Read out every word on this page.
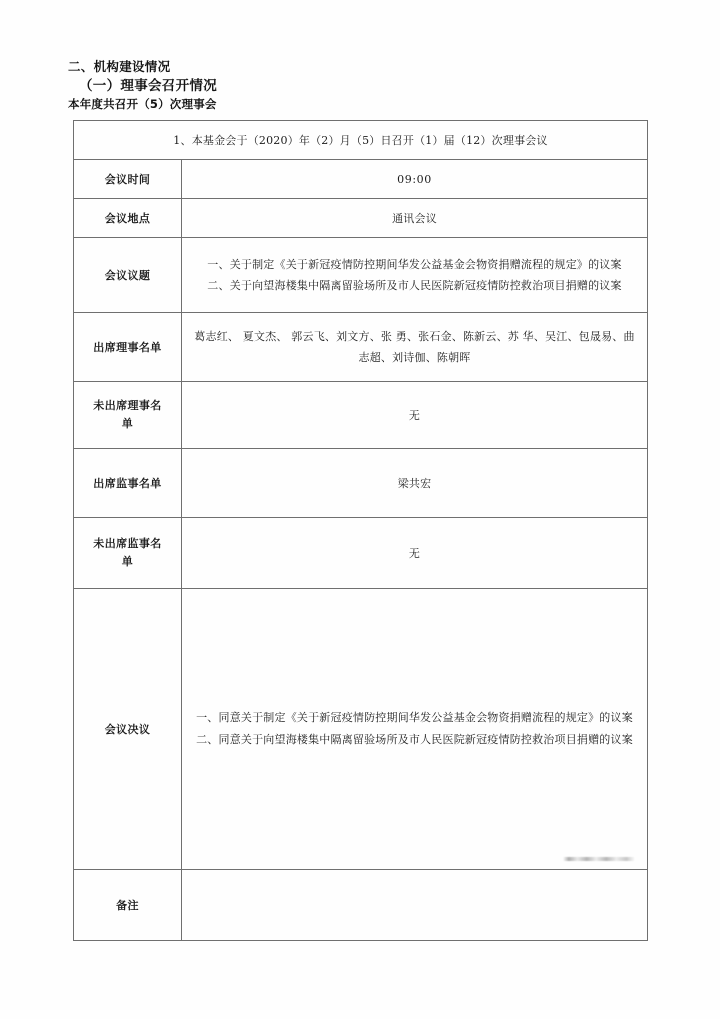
二、机构建设情况
（一）理事会召开情况
本年度共召开（5）次理事会
1、本基金会于（2020）年（2）月（5）日召开（1）届（12）次理事会议	
会议时间	09:00
会议地点	通讯会议
会议议题	一、关于制定《关于新冠疫情防控期间华发公益基金会物资捐赠流程的规定》的议案 二、关于向望海楼集中隔离留验场所及市人民医院新冠疫情防控救治项目捐赠的议案
出席理事名单	葛志红、 夏文杰、 郭云飞、刘文方、张 勇、张石金、陈新云、苏 华、吴江、包晟易、曲志超、刘诗伽、陈朝晖

未出席理事名
单	无
出席监事名单	梁共宏

未出席监事名
单	无
会议决议	一、同意关于制定《关于新冠疫情防控期间华发公益基金会物资捐赠流程的规定》的议案 二、同意关于向望海楼集中隔离留验场所及市人民医院新冠疫情防控救治项目捐赠的议案
备注	
